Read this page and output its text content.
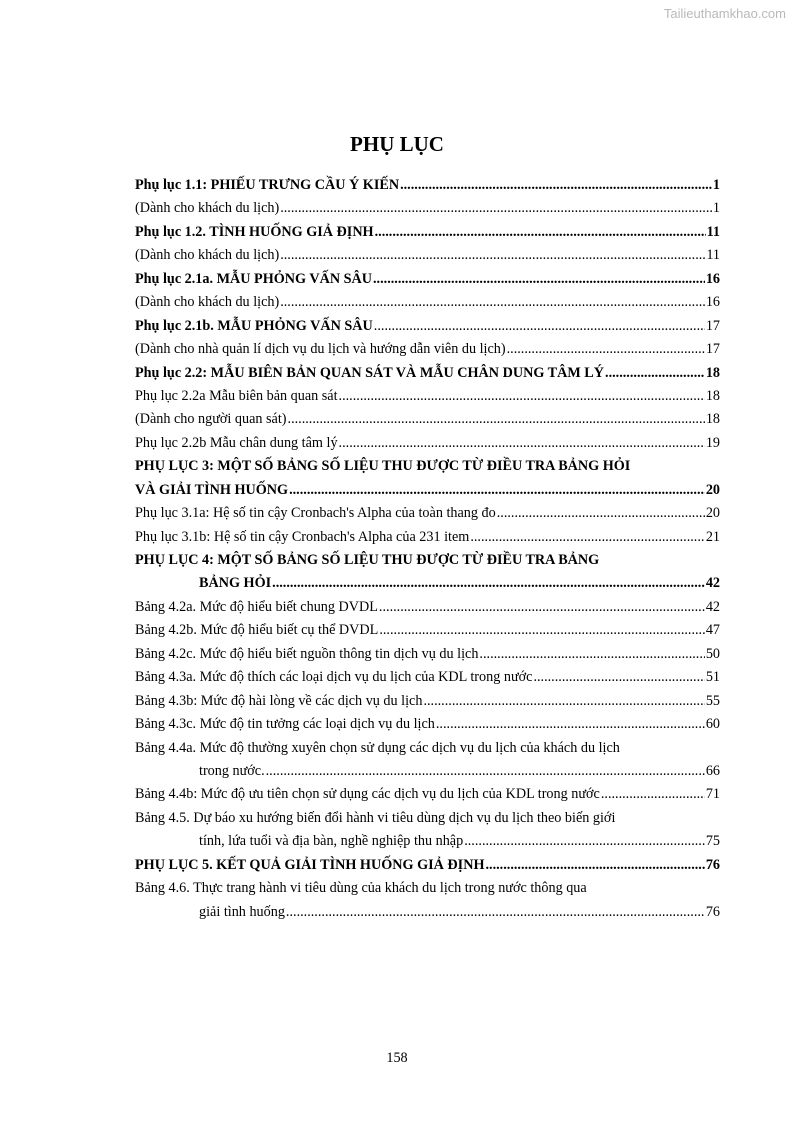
Tailieuthamkhao.com
PHỤ LỤC
Phụ lục 1.1: PHIẾU TRƯNG CẦU Ý KIẾN .....	1
(Dành cho khách du lịch) .....	1
Phụ lục 1.2. TÌNH HUỐNG GIẢ ĐỊNH .....	11
(Dành cho khách du lịch) .....	11
Phụ lục 2.1a. MẪU PHỎNG VẤN SÂU .....	16
(Dành cho khách du lịch) .....	16
Phụ lục 2.1b. MẪU PHỎNG VẤN SÂU .....	17
(Dành cho nhà quản lí dịch vụ du lịch và hướng dẫn viên du lịch) .....	17
Phụ lục 2.2: MẪU BIÊN BẢN QUAN SÁT VÀ MẪU CHÂN DUNG TÂM LÝ .....	18
Phụ lục 2.2a Mẫu biên bản quan sát .....	18
(Dành cho người quan sát) .....	18
Phụ lục 2.2b Mẫu chân dung tâm lý .....	19
PHỤ LỤC 3: MỘT SỐ BẢNG SỐ LIỆU THU ĐƯỢC TỪ ĐIỀU TRA BẢNG HỎI
VÀ GIẢI TÌNH HUỐNG .....	20
Phụ lục 3.1a: Hệ số tin cậy Cronbach's Alpha của toàn thang đo .....	20
Phụ lục 3.1b: Hệ số tin cậy Cronbach's Alpha của 231 item .....	21
PHỤ LỤC 4: MỘT SỐ BẢNG SỐ LIỆU THU ĐƯỢC TỪ ĐIỀU TRA BẢNG
BẢNG HỎI .....	42
Bảng 4.2a. Mức độ hiểu biết chung DVDL .....	42
Bảng 4.2b. Mức độ hiểu biết cụ thể DVDL .....	47
Bảng 4.2c. Mức độ hiểu biết nguồn thông tin dịch vụ du lịch .....	50
Bảng 4.3a. Mức độ thích các loại dịch vụ du lịch của KDL trong nước .....	51
Bảng 4.3b: Mức độ hài lòng về các dịch vụ du lịch .....	55
Bảng 4.3c. Mức độ tin tưởng các loại dịch vụ du lịch .....	60
Bảng 4.4a. Mức độ thường xuyên chọn sử dụng các dịch vụ du lịch của khách du lịch
trong nước. .....	66
Bảng 4.4b: Mức độ ưu tiên chọn sử dụng các dịch vụ du lịch của KDL trong nước .....	71
Bảng 4.5. Dự báo xu hướng biến đổi hành vi tiêu dùng dịch vụ du lịch theo biến giới
tính, lứa tuổi và địa bàn, nghề nghiệp thu nhập .....	75
PHỤ LỤC 5. KẾT QUẢ GIẢI TÌNH HUỐNG GIẢ ĐỊNH .....	76
Bảng 4.6. Thực trang hành vi tiêu dùng của khách du lịch trong nước thông qua
giải tình huống .....	76
158
